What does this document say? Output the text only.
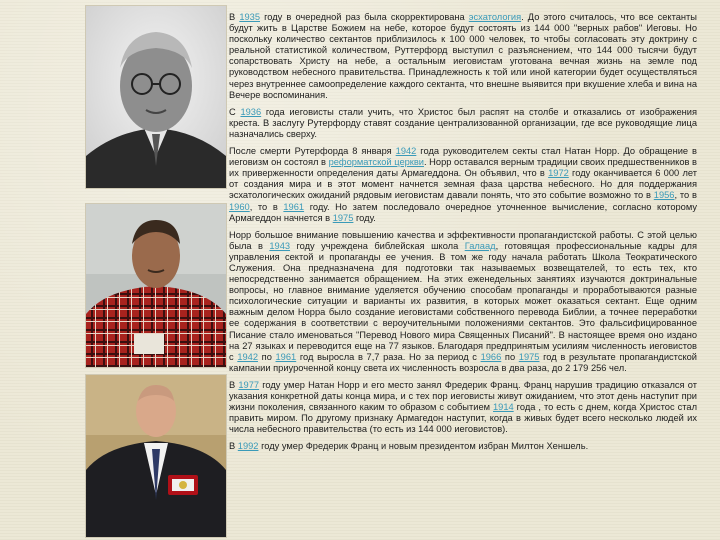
В 1935 году в очередной раз была скорректирована эсхатология. До этого считалось, что все сектанты будут жить в Царстве Божием на небе, которое будут состоять из 144 000 "верных рабов" Иеговы. Но поскольку количество сектантов приблизилось к 100 000 человек, то чтобы согласовать эту доктрину с реальной статистикой количеством, Руттерфорд выступил с разъяснением, что 144 000 тысячи будут сопарствовать Христу на небе, а остальным иеговистам уготована вечная жизнь на земле под руководством небесного правительства. Принадлежность к той или иной категории будет осуществляться через внутреннее самоопределение каждого сектанта, что внешне выявится при вкушение хлеба и вина на Вечере воспоминания.

С 1936 года иеговисты стали учить, что Христос был распят на столбе и отказались от изображения креста. В заслугу Рутерфорду ставят создание централизованной организации, где все руководящие лица назначались сверху.

После смерти Рутерфорда 8 января 1942 года руководителем секты стал Натан Норр. До обращение в иеговизм он состоял в реформатской церкви. Норр оставался верным традиции своих предшественников в их приверженности определения даты Армагеддона. Он объявил, что в 1972 году оканчивается 6 000 лет от создания мира и в этот момент начнется земная фаза царства небесного. Но для поддержания эсхатологических ожиданий рядовым иеговистам давали понять, что это событие возможно то в 1956, то в 1960, то в 1961 году. Но затем последовало очередное уточненное вычисление, согласно которому Армагеддон начнется в 1975 году.

Норр большое внимание повышению качества и эффективности пропагандистской работы. С этой целью была в 1943 году учреждена библейская школа Галаад, готовящая профессиональные кадры для управления сектой и пропаганды ее учения. В том же году начала работать Школа Теократического Служения. Она предназначена для подготовки так называемых возвещателей, то есть тех, кто непосредственно занимается обращением. На этих еженедельных занятиях изучаются доктринальные вопросы, но главное внимание уделяется обучению способам пропаганды и проработываются разные психологические ситуации и варианты их развития, в которых может оказаться сектант. Еще одним важным делом Норра было создание иеговистами собственного перевода Библии, а точнее переработки ее содержания в соответствии с вероучительными положениями сектантов. Это фальсифицированное Писание стало именоваться "Перевод Нового мира Священных Писаний". В настоящее время оно издано на 27 языках и переводится еще на 77 языков. Благодаря предпринятым усилиям численность иеговистов с 1942 по 1961 год выросла в 7,7 раза. Но за период с 1966 по 1975 год в результате пропагандистской кампании приуроченной концу света их численность возросла в два раза, до 2 179 256 чел.

В 1977 году умер Натан Норр и его место занял Фредерик Франц. Франц нарушив традицию отказался от указания конкретной даты конца мира, и с тех пор иеговисты живут ожиданием, что этот день наступит при жизни поколения, связанного каким то образом с событием 1914 года , то есть с днем, когда Христос стал править миром. По другому признаку Армагедон наступит, когда в живых будет всего несколько людей их числа небесного правительства (то есть из 144 000 иеговистов).

В 1992 году умер Фредерик Франц и новым президентом избран Милтон Хеншель.
